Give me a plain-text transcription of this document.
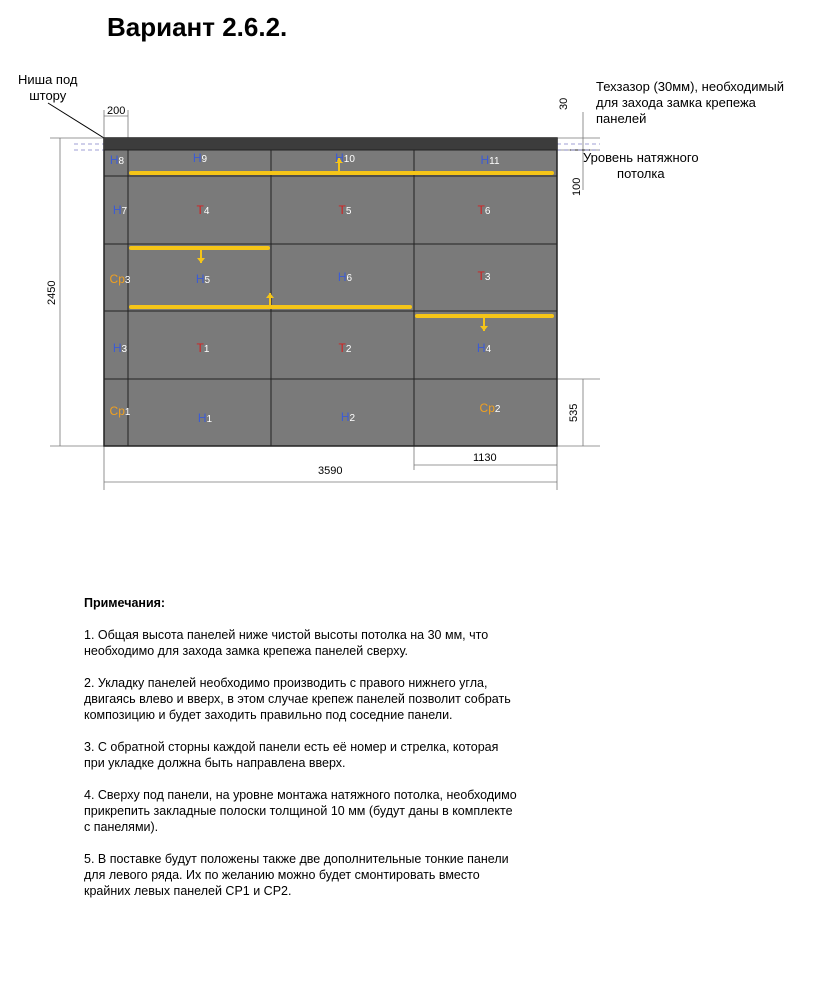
Вариант 2.6.2.
Ниша под
штору
Техзазор (30мм), необходимый
для захода замка крепежа
панелей
Уровень натяжного
потолка
200
30
100
2450
535
1130
3590
Н8	Н9	Н10	Н11
Н7	Т4	Т5	Т6
Ср3	Н5	Н6	Т3
Н3	Т1	Т2	Н4
Ср1	Н1	Н2
Ср2
Примечания:

1. Общая высота панелей ниже чистой высоты потолка на 30 мм, что
необходимо для захода замка крепежа панелей сверху.

2. Укладку панелей необходимо производить с правого нижнего угла,
двигаясь влево и вверх, в этом случае крепеж панелей позволит собрать
композицию и будет заходить правильно под соседние панели.

3. С обратной сторны каждой панели есть её номер и стрелка, которая
при укладке должна быть направлена вверх.

4. Сверху под панели, на уровне монтажа натяжного потолка, необходимо
прикрепить закладные полоски толщиной 10 мм (будут даны в комплекте
с панелями).

5. В поставке будут положены также две дополнительные тонкие панели
для левого ряда. Их по желанию можно будет смонтировать вместо
крайних левых панелей СР1 и СР2.
